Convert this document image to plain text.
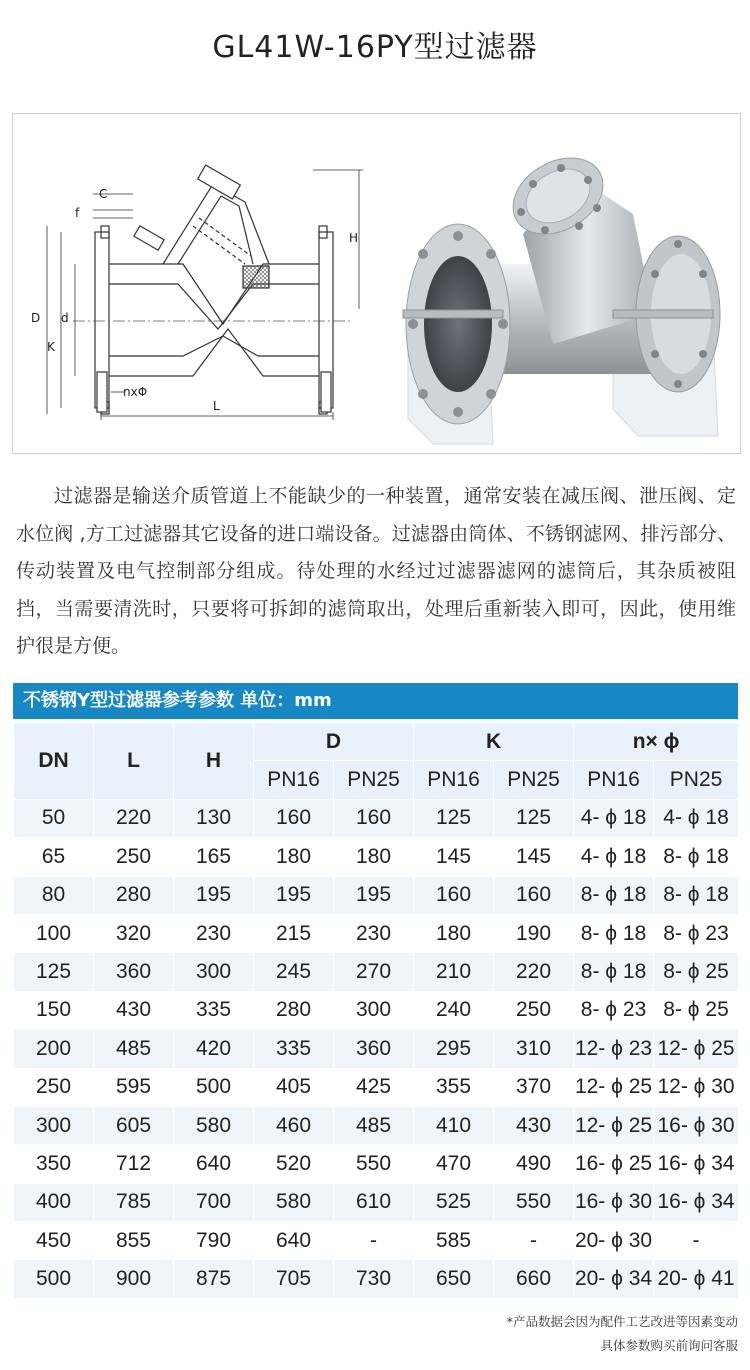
GL41W-16PY型过滤器
C
f
D
K
d
H
L
nxΦ

过滤器是输送介质管道上不能缺少的一种装置，通常安装在减压阀、泄压阀、定水位阀 ,方工过滤器其它设备的进口端设备。过滤器由筒体、不锈钢滤网、排污部分、传动装置及电气控制部分组成。待处理的水经过过滤器滤网的滤筒后，其杂质被阻挡，当需要清洗时，只要将可拆卸的滤筒取出，处理后重新装入即可，因此，使用维护很是方便。

不锈钢Y型过滤器参考参数 单位：mm
DN	L	H	D		K		n× ϕ	
			PN16	PN25	PN16	PN25	PN16	PN25
50	220	130	160	160	125	125	4- ϕ 18	4- ϕ 18
65	250	165	180	180	145	145	4- ϕ 18	8- ϕ 18
80	280	195	195	195	160	160	8- ϕ 18	8- ϕ 18
100	320	230	215	230	180	190	8- ϕ 18	8- ϕ 23
125	360	300	245	270	210	220	8- ϕ 18	8- ϕ 25
150	430	335	280	300	240	250	8- ϕ 23	8- ϕ 25
200	485	420	335	360	295	310	12- ϕ 23	12- ϕ 25
250	595	500	405	425	355	370	12- ϕ 25	12- ϕ 30
300	605	580	460	485	410	430	12- ϕ 25	16- ϕ 30
350	712	640	520	550	470	490	16- ϕ 25	16- ϕ 34
400	785	700	580	610	525	550	16- ϕ 30	16- ϕ 34
450	855	790	640	-	585	-	20- ϕ 30	-
500	900	875	705	730	650	660	20- ϕ 34	20- ϕ 41
*产品数据会因为配件工艺改进等因素变动
具体参数购买前询问客服
